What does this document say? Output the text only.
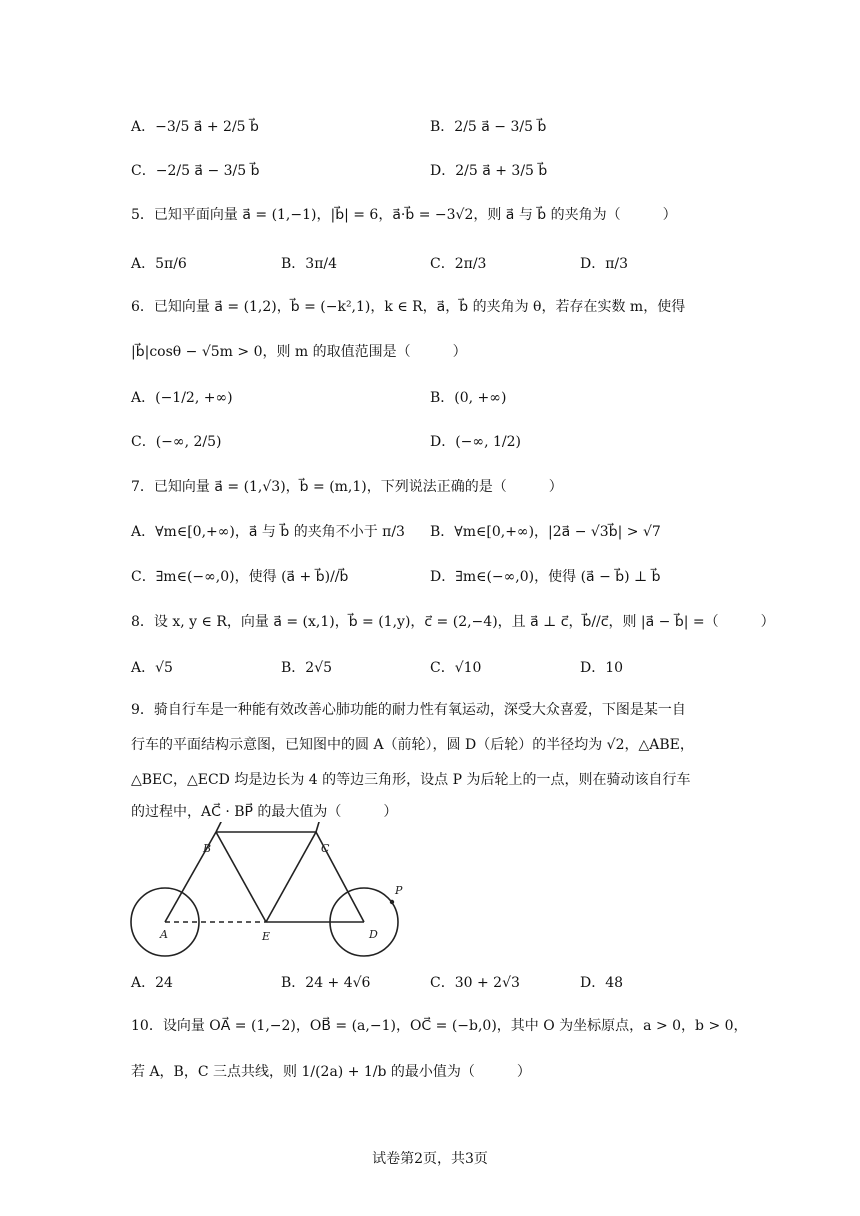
A．−3/5 a⃗ + 2/5 b⃗	B．2/5 a⃗ − 3/5 b⃗
C．−2/5 a⃗ − 3/5 b⃗	D．2/5 a⃗ + 3/5 b⃗
5．已知平面向量 a⃗ = (1,−1)，|b⃗| = 6，a⃗·b⃗ = −3√2，则 a⃗ 与 b⃗ 的夹角为（　　　）
A．5π/6	B．3π/4	C．2π/3	D．π/3
6．已知向量 a⃗ = (1,2)，b⃗ = (−k²,1)，k ∈ R，a⃗，b⃗ 的夹角为 θ，若存在实数 m，使得
|b⃗|cosθ − √5m > 0，则 m 的取值范围是（　　　）
A．(−1/2, +∞)	B．(0, +∞)
C．(−∞, 2/5)	D．(−∞, 1/2)
7．已知向量 a⃗ = (1,√3)，b⃗ = (m,1)，下列说法正确的是（　　　）
A．∀m∈[0,+∞)，a⃗ 与 b⃗ 的夹角不小于 π/3 B．∀m∈[0,+∞)，|2a⃗ − √3b⃗| > √7
C．∃m∈(−∞,0)，使得 (a⃗ + b⃗)//b⃗	D．∃m∈(−∞,0)，使得 (a⃗ − b⃗) ⊥ b⃗
8．设 x, y ∈ R，向量 a⃗ = (x,1)，b⃗ = (1,y)，c⃗ = (2,−4)，且 a⃗ ⊥ c⃗，b⃗//c⃗，则 |a⃗ − b⃗| =（　　　）
A．√5	B．2√5	C．√10	D．10
9．骑自行车是一种能有效改善心肺功能的耐力性有氧运动，深受大众喜爱，下图是某一自
行车的平面结构示意图，已知图中的圆 A（前轮），圆 D（后轮）的半径均为 √2，△ABE，
△BEC，△ECD 均是边长为 4 的等边三角形，设点 P 为后轮上的一点，则在骑动该自行车
的过程中，AC⃗ · BP⃗ 的最大值为（　　　）
A
B	C
D
E
P
A．24	B．24 + 4√6	C．30 + 2√3	D．48
10．设向量 OA⃗ = (1,−2)，OB⃗ = (a,−1)，OC⃗ = (−b,0)，其中 O 为坐标原点，a > 0，b > 0，
若 A，B，C 三点共线，则 1/(2a) + 1/b 的最小值为（　　　）
试卷第2页，共3页
